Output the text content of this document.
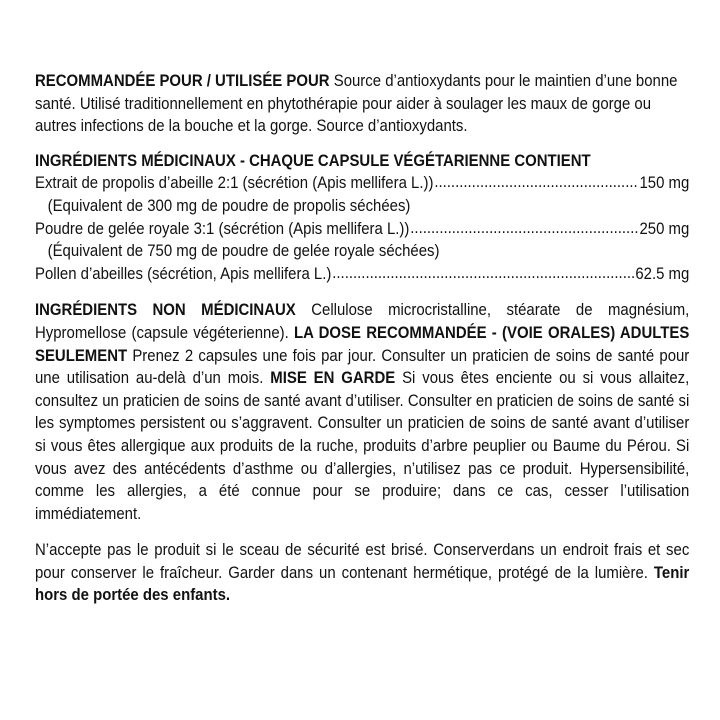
RECOMMANDÉE POUR / UTILISÉE POUR Source d’antioxydants pour le maintien d’une bonne santé. Utilisé traditionnellement en phytothérapie pour aider à soulager les maux de gorge ou autres infections de la bouche et la gorge. Source d’antioxydants.
INGRÉDIENTS MÉDICINAUX - CHAQUE CAPSULE VÉGÉTARIENNE CONTIENT
Extrait de propolis d’abeille 2:1 (sécrétion (Apis mellifera L.)) .....	150 mg
(Equivalent de 300 mg de poudre de propolis séchées)
Poudre de gelée royale 3:1 (sécrétion (Apis mellifera L.)) .....	250 mg
(Équivalent de 750 mg de poudre de gelée royale séchées)
Pollen d’abeilles (sécrétion, Apis mellifera L.) .....	62.5 mg
INGRÉDIENTS NON MÉDICINAUX Cellulose microcristalline, stéarate de magnésium, Hypromellose (capsule végéterienne). LA DOSE RECOMMANDÉE - (VOIE ORALES) ADULTES SEULEMENT Prenez 2 capsules une fois par jour. Consulter un praticien de soins de santé pour une utilisation au-delà d’un mois. MISE EN GARDE Si vous êtes enciente ou si vous allaitez, consultez un praticien de soins de santé avant d’utiliser. Consulter en praticien de soins de santé si les symptomes persistent ou s’aggravent. Consulter un praticien de soins de santé avant d’utiliser si vous êtes allergique aux produits de la ruche, produits d’arbre peuplier ou Baume du Pérou. Si vous avez des antécédents d’asthme ou d’allergies, n’utilisez pas ce produit. Hypersensibilité, comme les allergies, a été connue pour se produire; dans ce cas, cesser l’utilisation immédiatement.
N’accepte pas le produit si le sceau de sécurité est brisé. Conserverdans un endroit frais et sec pour conserver le fraîcheur. Garder dans un contenant hermétique, protégé de la lumière. Tenir hors de portée des enfants.
